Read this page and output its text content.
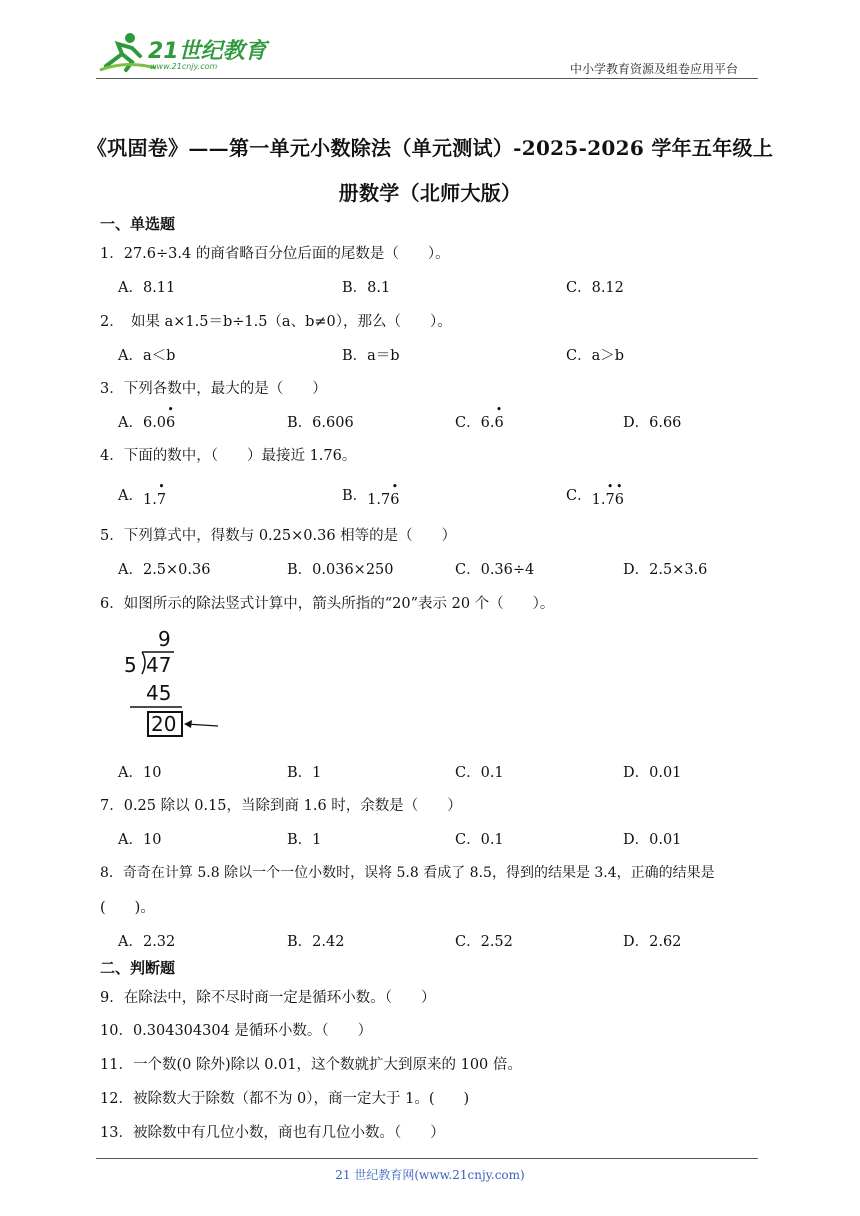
21世纪教育
www.21cnjy.com	中小学教育资源及组卷应用平台
《巩固卷》——第一单元小数除法（单元测试）-2025-2026 学年五年级上
册数学（北师大版）
一、单选题
1．27.6÷3.4 的商省略百分位后面的尾数是（　　）。
A．8.11	B．8.1	C．8.12
2．　如果 a×1.5＝b÷1.5（a、b≠0），那么（　　）。
A．a＜b	B．a＝b	C．a＞b
3．下列各数中，最大的是（　　）
A．6.0• 6	B．6.606	C．6.• 6	D．6.66
4．下面的数中，（　　）最接近 1.76。
A．1.• 7	B．1.7• 6	C．1.• 7• 6
5．下列算式中，得数与 0.25×0.36 相等的是（　　）
A．2.5×0.36	B．0.036×250	C．0.36÷4	D．2.5×3.6
6．如图所示的除法竖式计算中，箭头所指的“20”表示 20 个（　　）。
9
5 47
45
20
A．10	B．1	C．0.1	D．0.01
7．0.25 除以 0.15，当除到商 1.6 时，余数是（　　）
A．10	B．1	C．0.1	D．0.01
8．奇奇在计算 5.8 除以一个一位小数时，误将 5.8 看成了 8.5，得到的结果是 3.4，正确的结果是
(　　)。
A．2.32	B．2.42	C．2.52	D．2.62
二、判断题
9．在除法中，除不尽时商一定是循环小数。（　　）
10．0.304304304 是循环小数。（　　）
11．一个数(0 除外)除以 0.01，这个数就扩大到原来的 100 倍。
12．被除数大于除数（都不为 0），商一定大于 1。(　　)
13．被除数中有几位小数，商也有几位小数。（　　）
21 世纪教育网(www.21cnjy.com)
